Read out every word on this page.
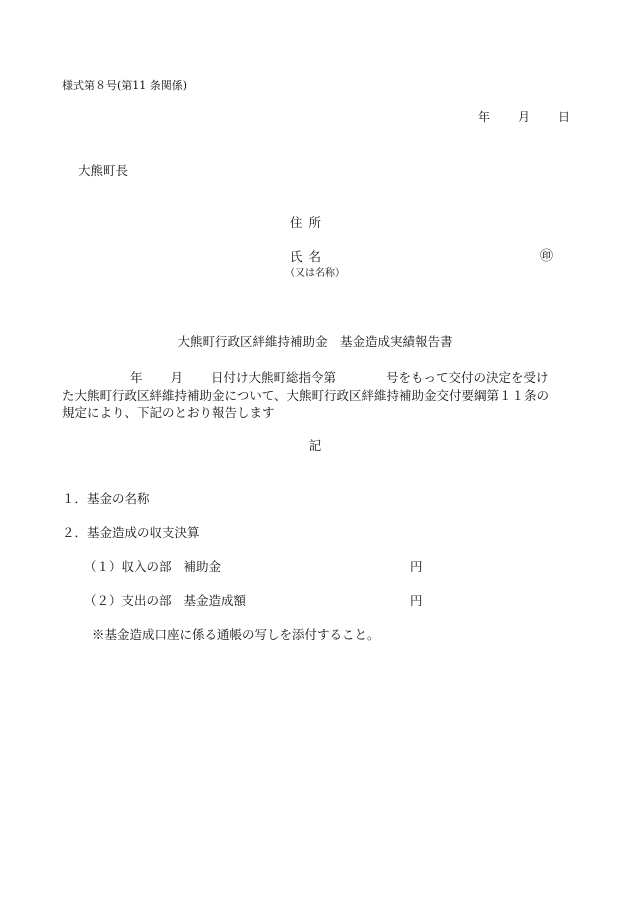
様式第８号(第11 条関係)
年 月 日
大熊町長
住所
氏名	㊞
（又は名称）
大熊町行政区絆維持補助金　基金造成実績報告書
年 月 日付け大熊町総指令第	号をもって交付の決定を受け
た大熊町行政区絆維持補助金について、大熊町行政区絆維持補助金交付要綱第１１条の
規定により、下記のとおり報告します
記
１．基金の名称
２．基金造成の収支決算
（１）収入の部 補助金	円
（２）支出の部 基金造成額	円
※基金造成口座に係る通帳の写しを添付すること。
